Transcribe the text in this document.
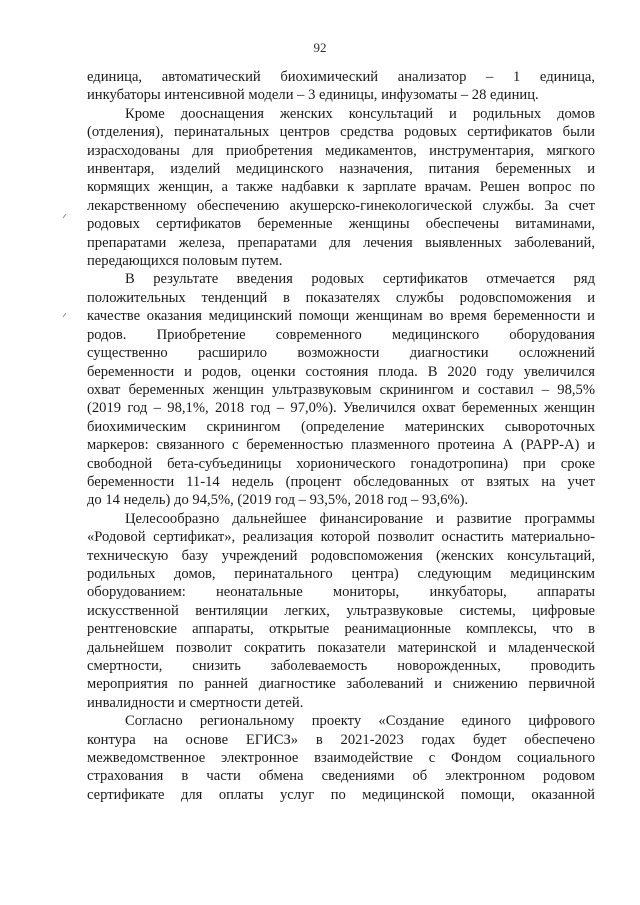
92

единица, автоматический биохимический анализатор – 1 единица,
инкубаторы интенсивной модели – 3 единицы, инфузоматы – 28 единиц.

Кроме дооснащения женских консультаций и родильных домов
(отделения), перинатальных центров средства родовых сертификатов были
израсходованы для приобретения медикаментов, инструментария, мягкого
инвентаря, изделий медицинского назначения, питания беременных и
кормящих женщин, а также надбавки к зарплате врачам. Решен вопрос по
лекарственному обеспечению акушерско-гинекологической службы. За счет
родовых сертификатов беременные женщины обеспечены витаминами,
препаратами железа, препаратами для лечения выявленных заболеваний,
передающихся половым путем.

В результате введения родовых сертификатов отмечается ряд
положительных тенденций в показателях службы родовспоможения и
качестве оказания медицинский помощи женщинам во время беременности и
родов. Приобретение современного медицинского оборудования
существенно расширило возможности диагностики осложнений
беременности и родов, оценки состояния плода. В 2020 году увеличился
охват беременных женщин ультразвуковым скринингом и составил – 98,5%
(2019 год – 98,1%, 2018 год – 97,0%). Увеличился охват беременных женщин
биохимическим скринингом (определение материнских сывороточных
маркеров: связанного с беременностью плазменного протеина А (PAPP-A) и
свободной бета-субъединицы хорионического гонадотропина) при сроке
беременности 11-14 недель (процент обследованных от взятых на учет
до 14 недель) до 94,5%, (2019 год – 93,5%, 2018 год – 93,6%).

Целесообразно дальнейшее финансирование и развитие программы
«Родовой сертификат», реализация которой позволит оснастить материально-
техническую базу учреждений родовспоможения (женских консультаций,
родильных домов, перинатального центра) следующим медицинским
оборудованием: неонатальные мониторы, инкубаторы, аппараты
искусственной вентиляции легких, ультразвуковые системы, цифровые
рентгеновские аппараты, открытые реанимационные комплексы, что в
дальнейшем позволит сократить показатели материнской и младенческой
смертности, снизить заболеваемость новорожденных, проводить
мероприятия по ранней диагностике заболеваний и снижению первичной
инвалидности и смертности детей.

Согласно региональному проекту «Создание единого цифрового
контура на основе ЕГИСЗ» в 2021-2023 годах будет обеспечено
межведомственное электронное взаимодействие с Фондом социального
страхования в части обмена сведениями об электронном родовом
сертификате для оплаты услуг по медицинской помощи, оказанной
